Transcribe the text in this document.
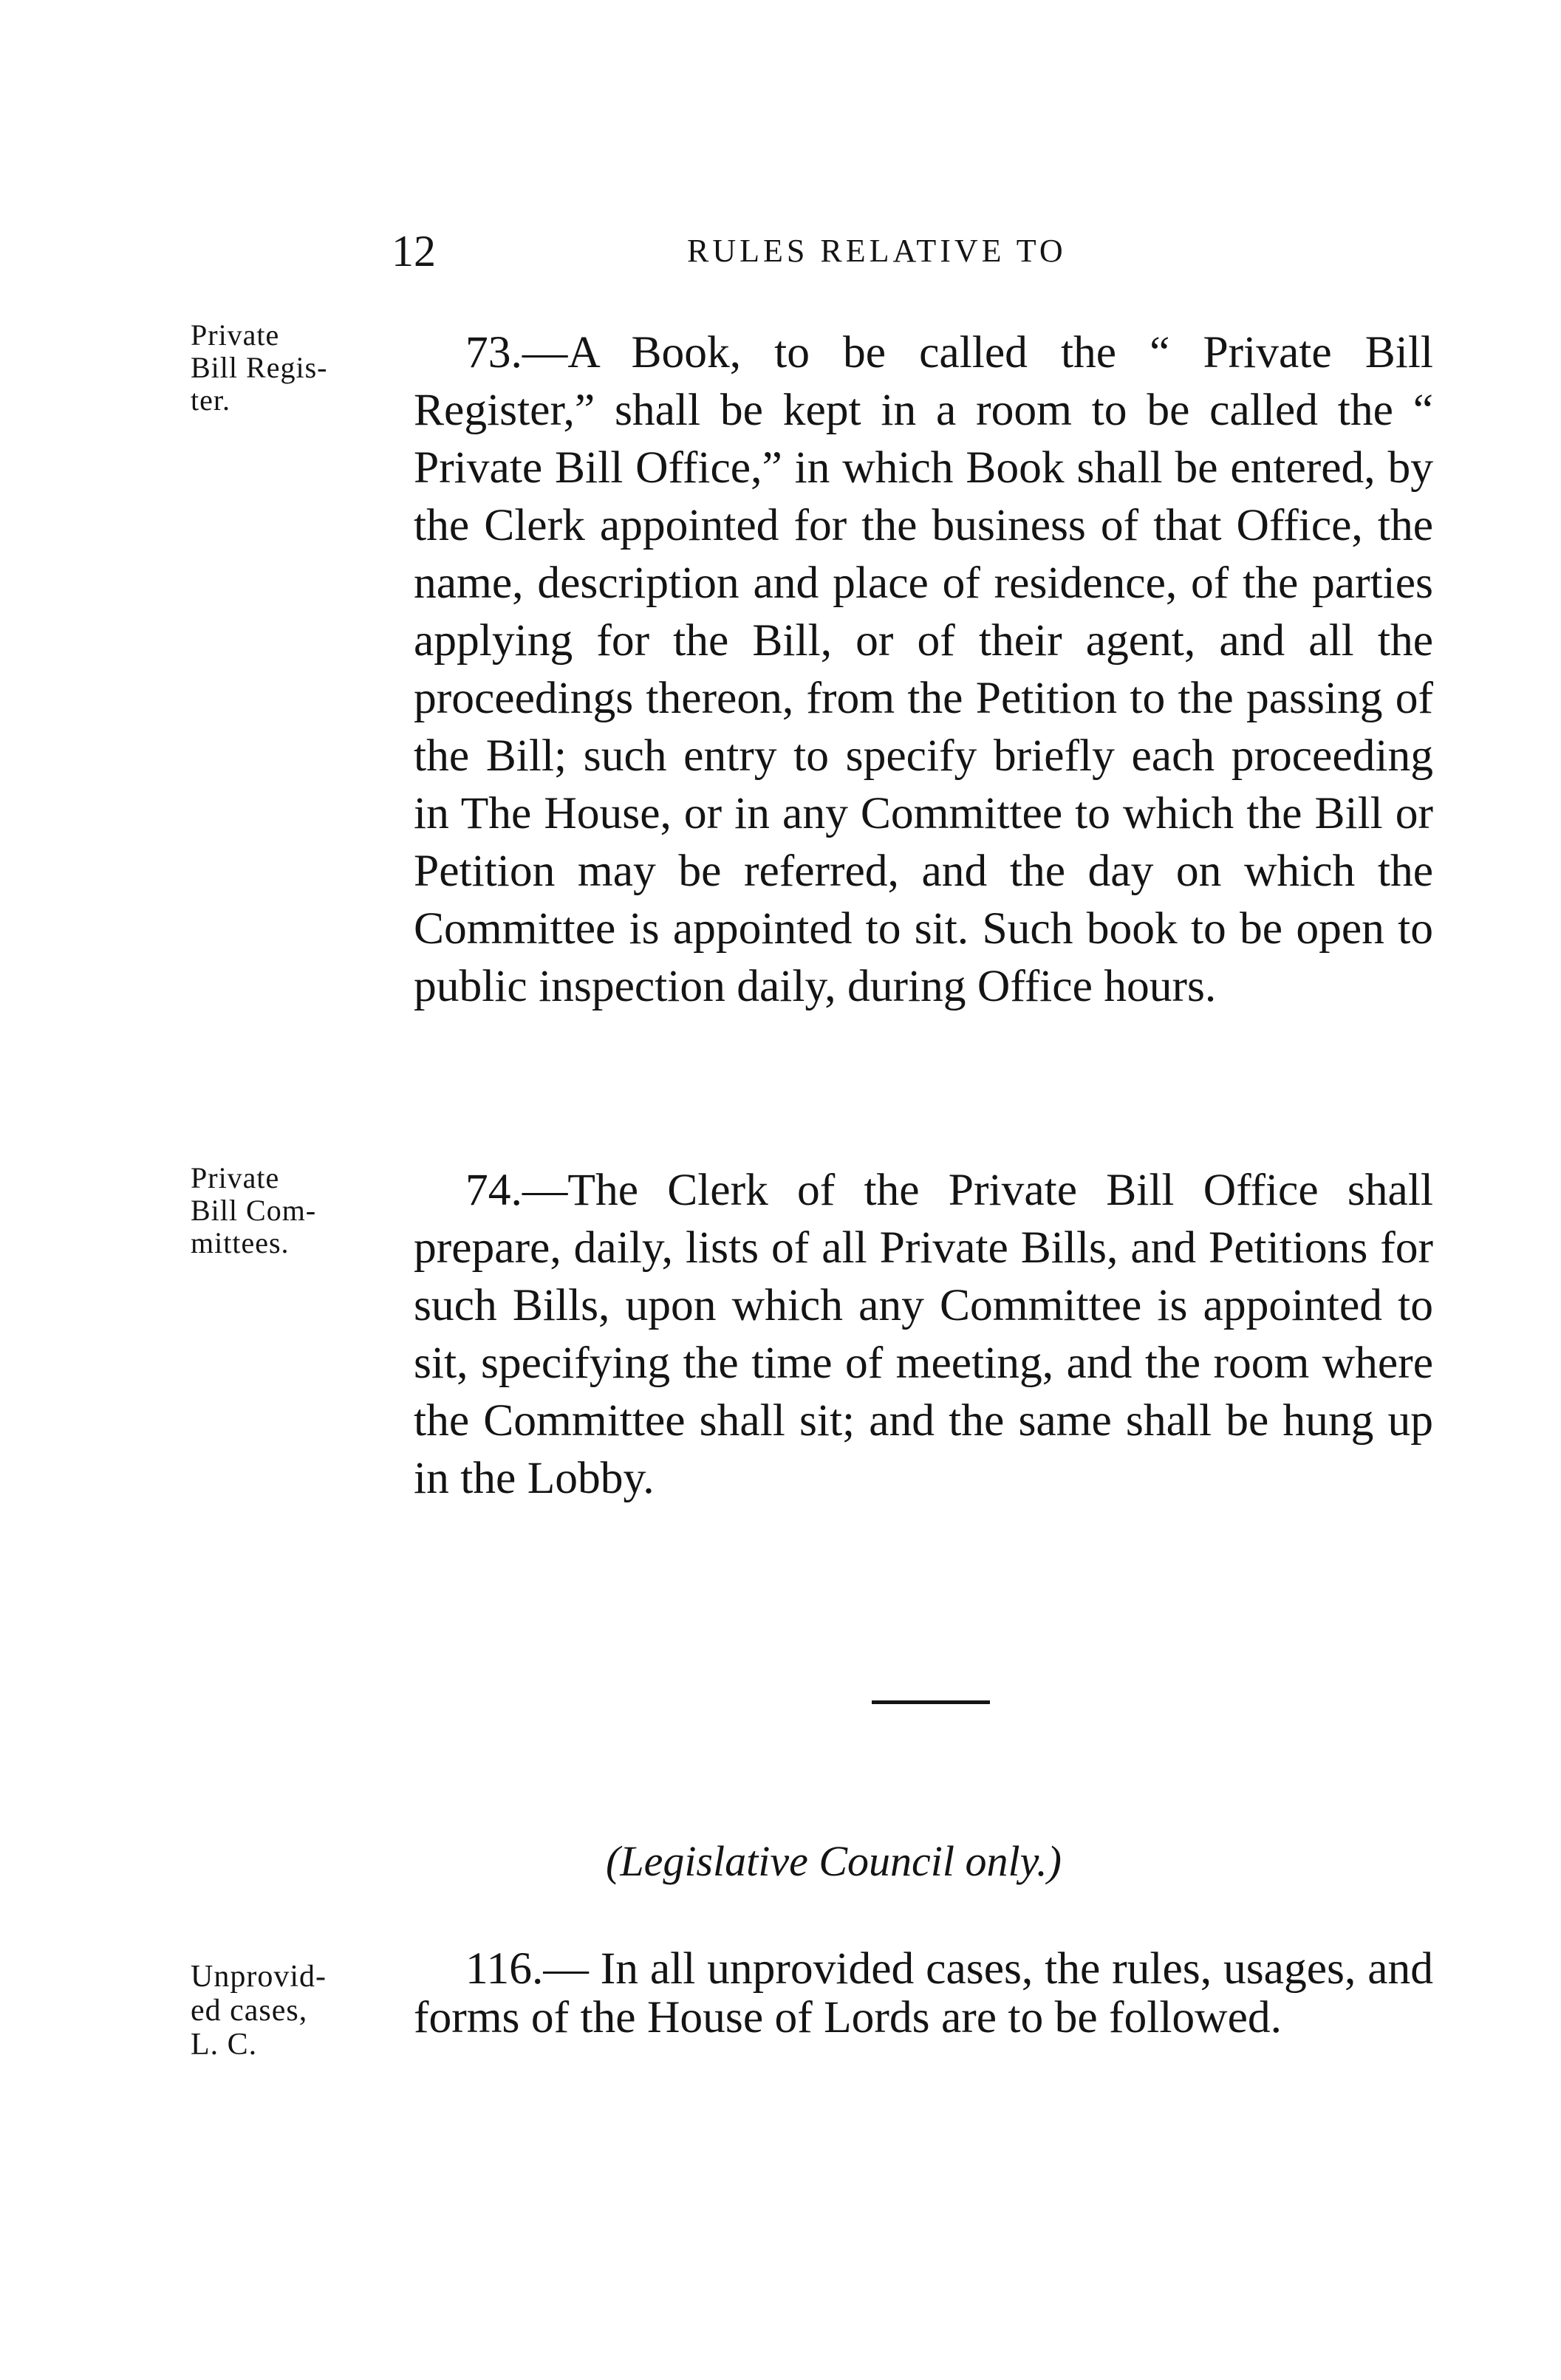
12	RULES RELATIVE TO
Private
Bill Regis-
ter.

73.—A Book, to be called the “ Private Bill Register,” shall be kept in a room to be called the “ Private Bill Office,” in which Book shall be entered, by the Clerk appointed for the business of that Office, the name, description and place of residence, of the parties applying for the Bill, or of their agent, and all the proceedings thereon, from the Petition to the passing of the Bill; such entry to specify briefly each proceeding in The House, or in any Committee to which the Bill or Petition may be referred, and the day on which the Committee is appointed to sit. Such book to be open to public inspection daily, during Office hours.

Private
Bill Com-
mittees.

74.—The Clerk of the Private Bill Office shall prepare, daily, lists of all Private Bills, and Petitions for such Bills, upon which any Committee is appointed to sit, specifying the time of meeting, and the room where the Committee shall sit; and the same shall be hung up in the Lobby.

(Legislative Council only.)
Unprovid-
ed cases,
L. C.

116.— In all unprovided cases, the rules, usages, and forms of the House of Lords are to be followed.
